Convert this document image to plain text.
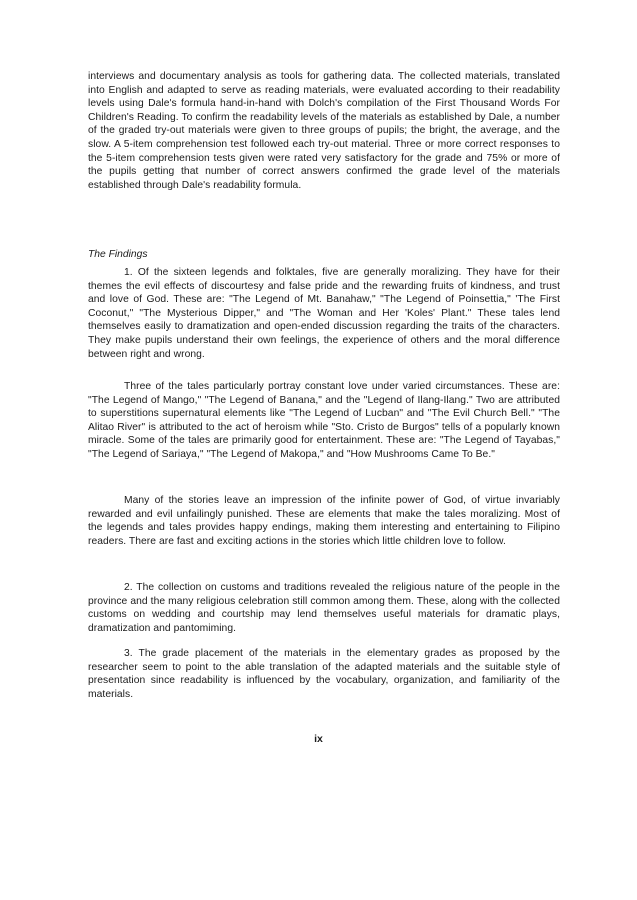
interviews and documentary analysis as tools for gathering data. The collected materials, translated into English and adapted to serve as reading materials, were evaluated according to their readability levels using Dale's formula hand-in-hand with Dolch's compilation of the First Thousand Words For Children's Reading. To confirm the readability levels of the materials as established by Dale, a number of the graded try-out materials were given to three groups of pupils; the bright, the average, and the slow. A 5-item comprehension test followed each try-out material. Three or more correct responses to the 5-item comprehension tests given were rated very satisfactory for the grade and 75% or more of the pupils getting that number of correct answers confirmed the grade level of the materials established through Dale's readability formula.

The Findings

1. Of the sixteen legends and folktales, five are generally moralizing. They have for their themes the evil effects of discourtesy and false pride and the rewarding fruits of kindness, and trust and love of God. These are: "The Legend of Mt. Banahaw," "The Legend of Poinsettia," 'The First Coconut," "The Mysterious Dipper," and "The Woman and Her 'Koles' Plant." These tales lend themselves easily to dramatization and open-ended discussion regarding the traits of the characters. They make pupils understand their own feelings, the experience of others and the moral difference between right and wrong.

Three of the tales particularly portray constant love under varied circumstances. These are: "The Legend of Mango," "The Legend of Banana," and the "Legend of Ilang-Ilang." Two are attributed to superstitions supernatural elements like "The Legend of Lucban" and "The Evil Church Bell." "The Alitao River" is attributed to the act of heroism while "Sto. Cristo de Burgos" tells of a popularly known miracle. Some of the tales are primarily good for entertainment. These are: "The Legend of Tayabas," "The Legend of Sariaya," "The Legend of Makopa," and "How Mushrooms Came To Be."

Many of the stories leave an impression of the infinite power of God, of virtue invariably rewarded and evil unfailingly punished. These are elements that make the tales moralizing. Most of the legends and tales provides happy endings, making them interesting and entertaining to Filipino readers. There are fast and exciting actions in the stories which little children love to follow.

2. The collection on customs and traditions revealed the religious nature of the people in the province and the many religious celebration still common among them. These, along with the collected customs on wedding and courtship may lend themselves useful materials for dramatic plays, dramatization and pantomiming.

3. The grade placement of the materials in the elementary grades as proposed by the researcher seem to point to the able translation of the adapted materials and the suitable style of presentation since readability is influenced by the vocabulary, organization, and familiarity of the materials.

ix
